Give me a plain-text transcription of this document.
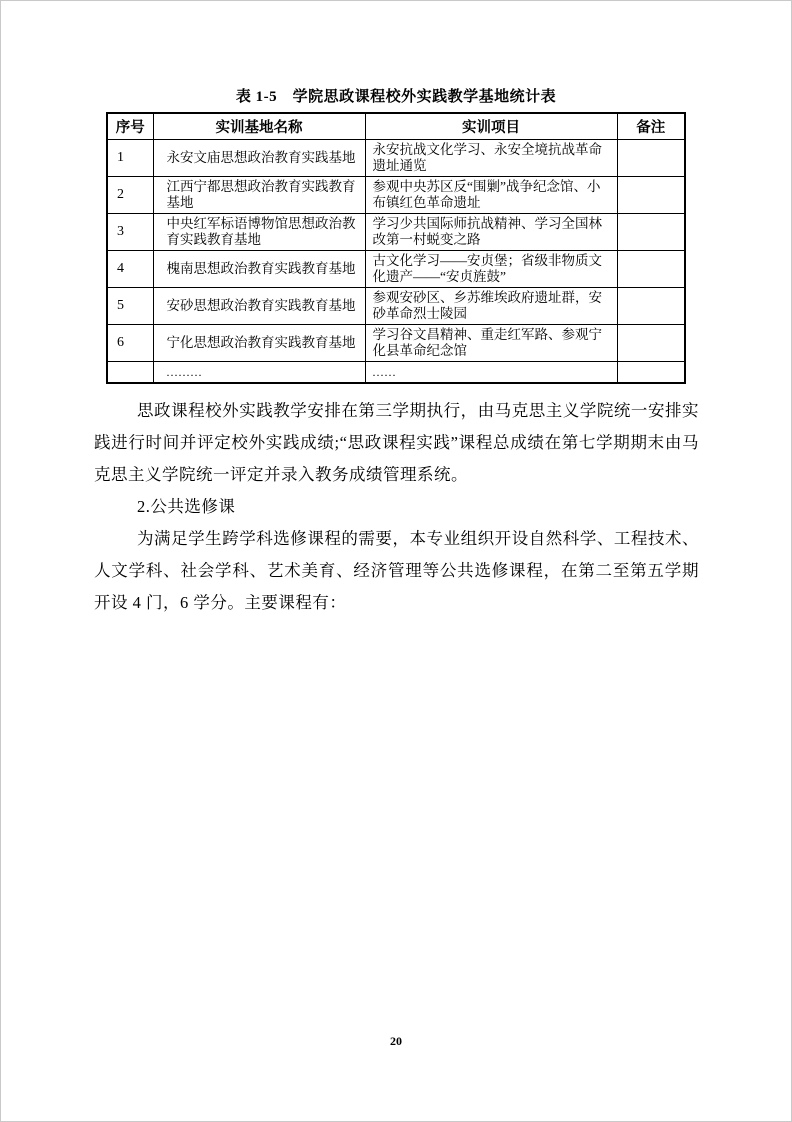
表 1-5　学院思政课程校外实践教学基地统计表
序号	实训基地名称	实训项目	备注
1	永安文庙思想政治教育实践基地	永安抗战文化学习、永安全境抗战革命遗址通览	
2	江西宁都思想政治教育实践教育基地	参观中央苏区反“围剿”战争纪念馆、小布镇红色革命遗址	
3	中央红军标语博物馆思想政治教育实践教育基地	学习少共国际师抗战精神、学习全国林改第一村蜕变之路	
4	槐南思想政治教育实践教育基地	古文化学习——安贞堡；省级非物质文化遗产——“安贞旌鼓”	
5	安砂思想政治教育实践教育基地	参观安砂区、乡苏维埃政府遗址群，安砂革命烈士陵园	
6	宁化思想政治教育实践教育基地	学习谷文昌精神、重走红军路、参观宁化县革命纪念馆	
	.........	......	

思政课程校外实践教学安排在第三学期执行，由马克思主义学院统一安排实践进行时间并评定校外实践成绩;“思政课程实践”课程总成绩在第七学期期末由马克思主义学院统一评定并录入教务成绩管理系统。

2.公共选修课

为满足学生跨学科选修课程的需要，本专业组织开设自然科学、工程技术、人文学科、社会学科、艺术美育、经济管理等公共选修课程，在第二至第五学期开设 4 门，6 学分。主要课程有：

20
